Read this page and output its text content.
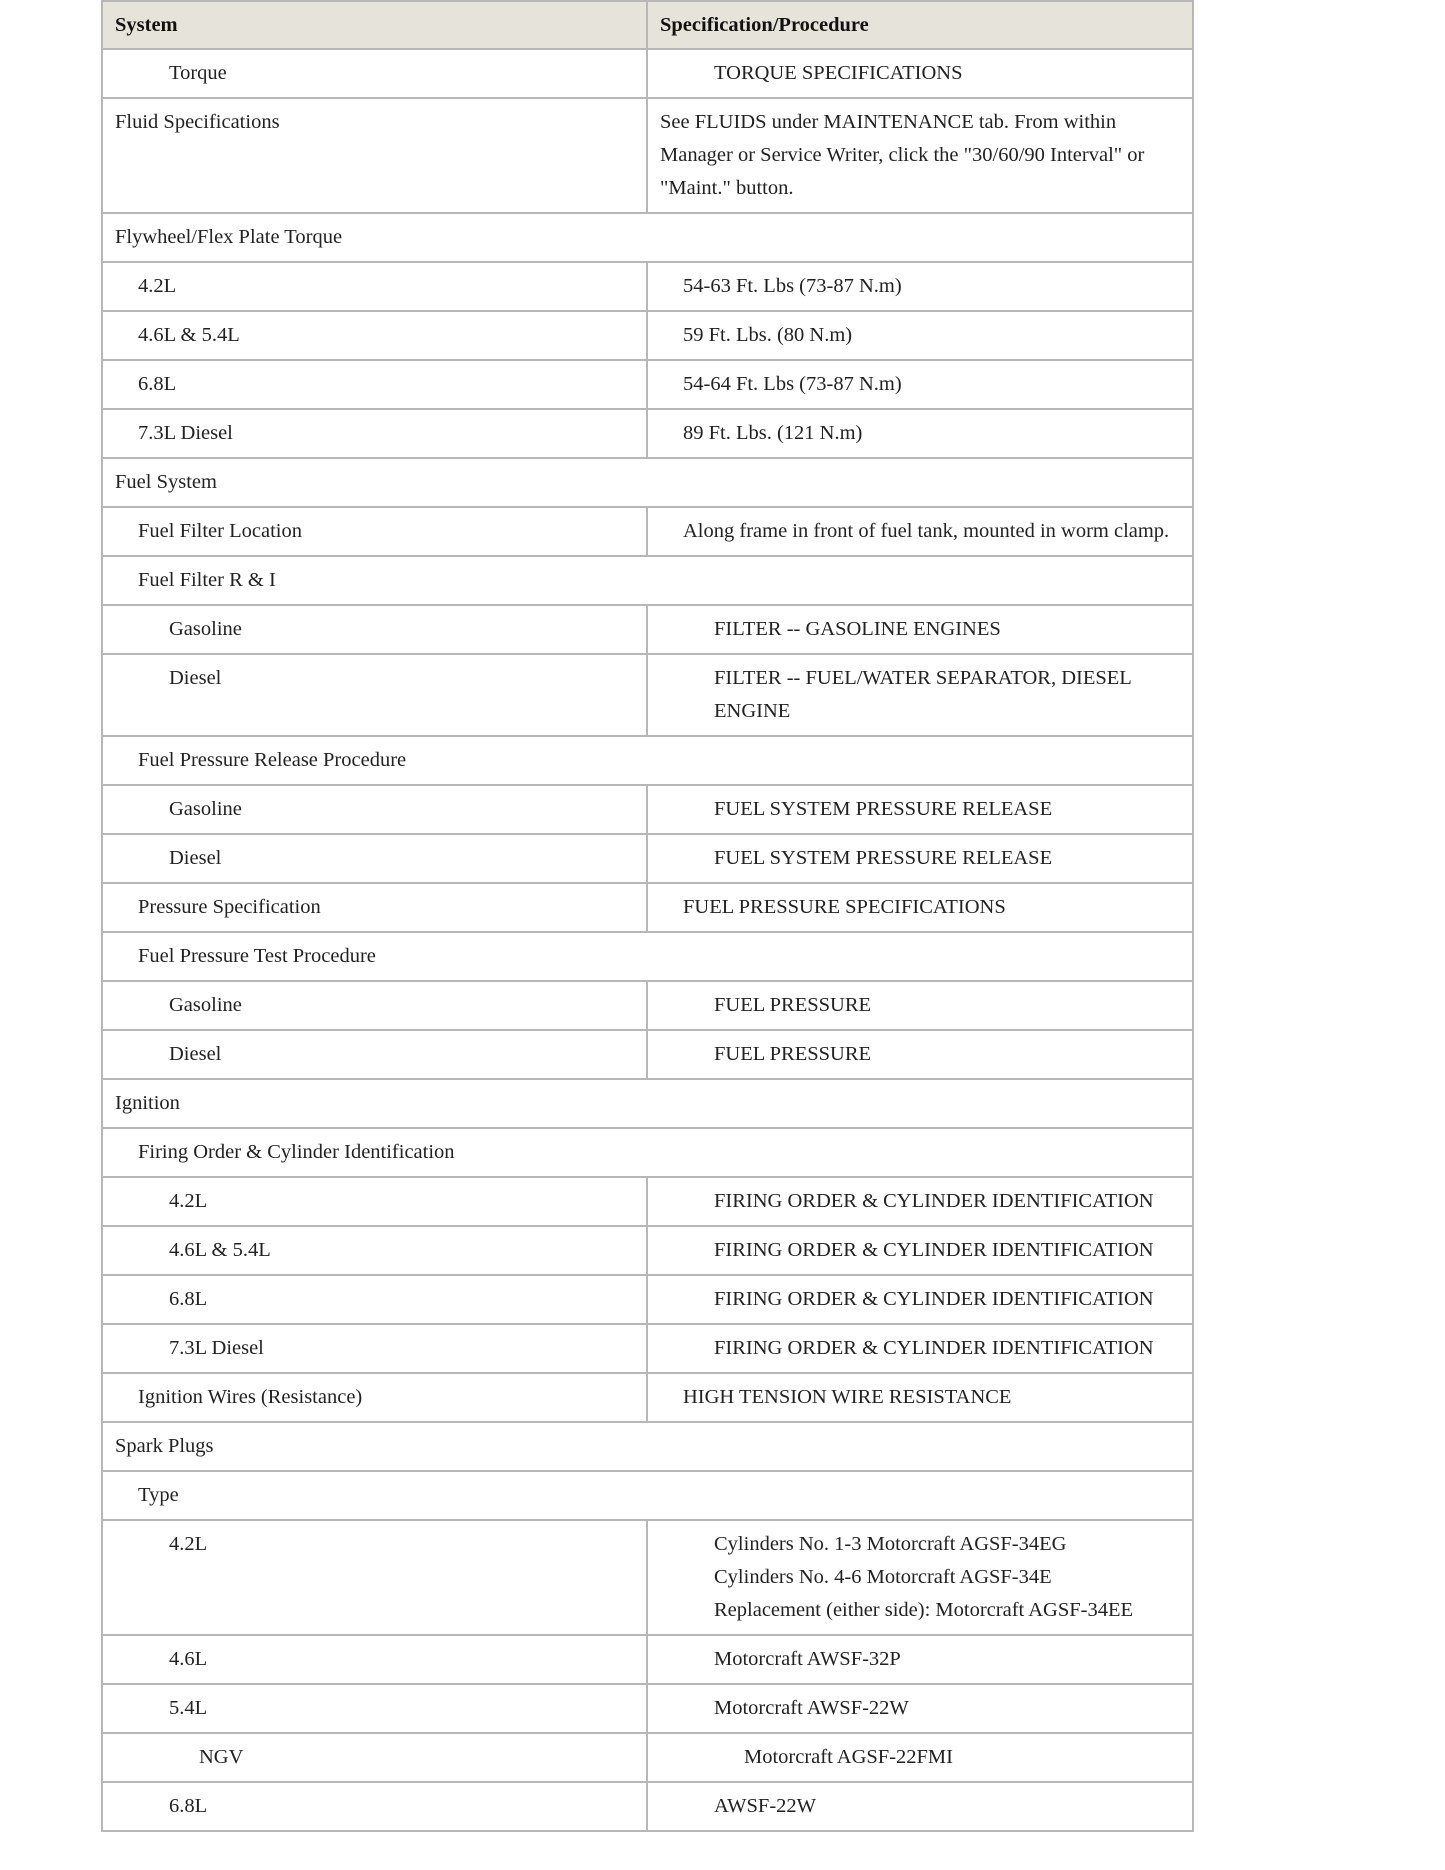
System	Specification/Procedure
Torque	TORQUE SPECIFICATIONS

Fluid Specifications	See FLUIDS under MAINTENANCE tab. From within Manager or Service Writer, click the "30/60/90 Interval" or "Maint." button.

Flywheel/Flex Plate Torque	
4.2L	54-63 Ft. Lbs (73-87 N.m)

4.6L & 5.4L	59 Ft. Lbs. (80 N.m)

6.8L	54-64 Ft. Lbs (73-87 N.m)

7.3L Diesel	89 Ft. Lbs. (121 N.m)

Fuel System	
Fuel Filter Location	Along frame in front of fuel tank, mounted in worm clamp.

Fuel Filter R & I	
Gasoline	FILTER -- GASOLINE ENGINES

Diesel	FILTER -- FUEL/WATER SEPARATOR, DIESEL ENGINE

Fuel Pressure Release Procedure	
Gasoline	FUEL SYSTEM PRESSURE RELEASE

Diesel	FUEL SYSTEM PRESSURE RELEASE

Pressure Specification	FUEL PRESSURE SPECIFICATIONS

Fuel Pressure Test Procedure	
Gasoline	FUEL PRESSURE

Diesel	FUEL PRESSURE

Ignition	
Firing Order & Cylinder Identification	
4.2L	FIRING ORDER & CYLINDER IDENTIFICATION

4.6L & 5.4L	FIRING ORDER & CYLINDER IDENTIFICATION

6.8L	FIRING ORDER & CYLINDER IDENTIFICATION

7.3L Diesel	FIRING ORDER & CYLINDER IDENTIFICATION

Ignition Wires (Resistance)	HIGH TENSION WIRE RESISTANCE

Spark Plugs	
Type	
4.2L	Cylinders No. 1-3 Motorcraft AGSF-34EG
Cylinders No. 4-6 Motorcraft AGSF-34E
Replacement (either side): Motorcraft AGSF-34EE

4.6L	Motorcraft AWSF-32P

5.4L	Motorcraft AWSF-22W

NGV	Motorcraft AGSF-22FMI

6.8L	AWSF-22W
